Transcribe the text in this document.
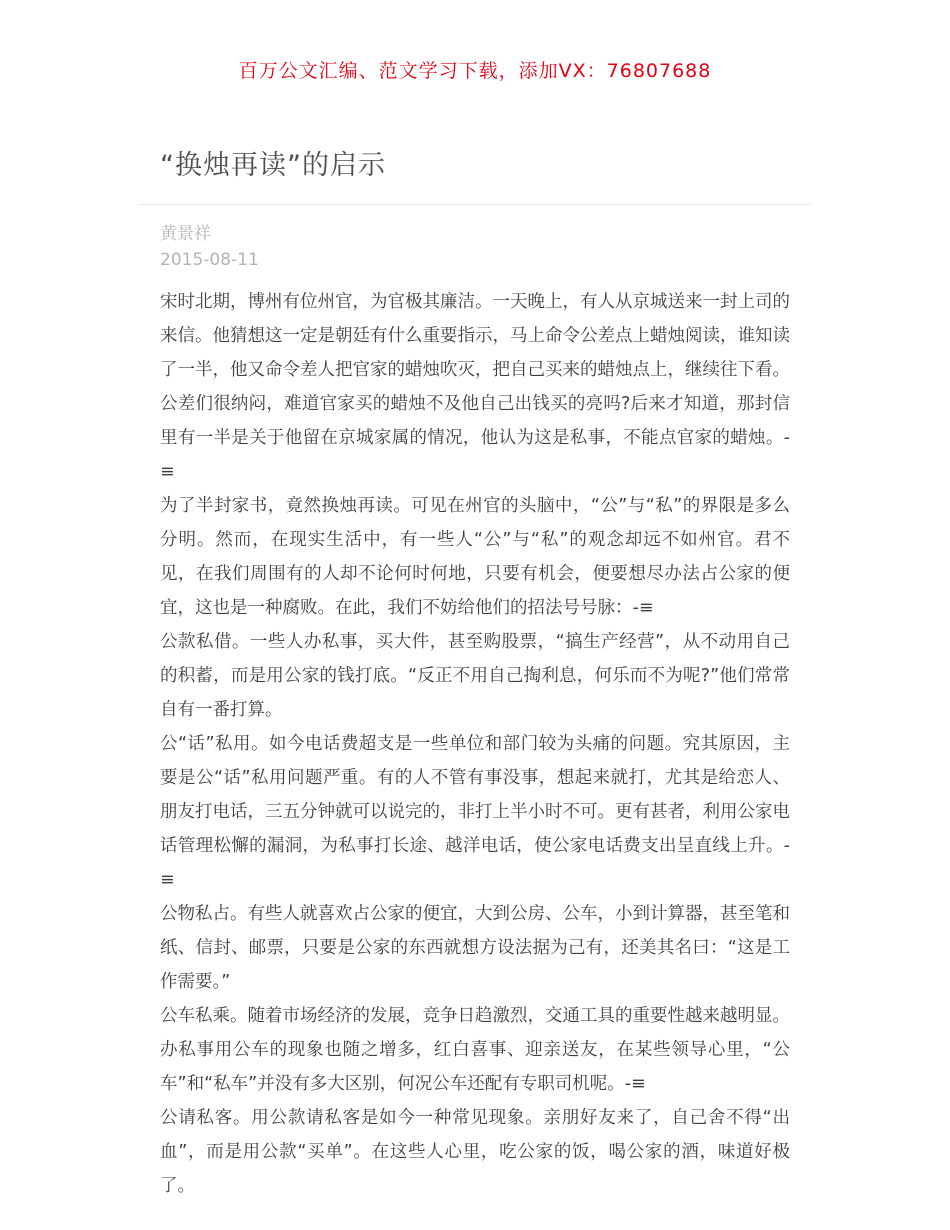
百万公文汇编、范文学习下载，添加VX：76807688
“换烛再读”的启示
黄景祥
2015-08-11

宋时北期，博州有位州官，为官极其廉洁。一天晚上，有人从京城送来一封上司的来信。他猜想这一定是朝廷有什么重要指示，马上命令公差点上蜡烛阅读，谁知读了一半，他又命令差人把官家的蜡烛吹灭，把自己买来的蜡烛点上，继续往下看。公差们很纳闷，难道官家买的蜡烛不及他自己出钱买的亮吗?后来才知道，那封信里有一半是关于他留在京城家属的情况，他认为这是私事，不能点官家的蜡烛。-≡

为了半封家书，竟然换烛再读。可见在州官的头脑中，“公”与“私”的界限是多么分明。然而，在现实生活中，有一些人“公”与“私”的观念却远不如州官。君不见，在我们周围有的人却不论何时何地，只要有机会，便要想尽办法占公家的便宜，这也是一种腐败。在此，我们不妨给他们的招法号号脉：-≡

公款私借。一些人办私事，买大件，甚至购股票，“搞生产经营”，从不动用自己的积蓄，而是用公家的钱打底。“反正不用自己掏利息，何乐而不为呢?”他们常常自有一番打算。

公“话”私用。如今电话费超支是一些单位和部门较为头痛的问题。究其原因，主要是公“话”私用问题严重。有的人不管有事没事，想起来就打，尤其是给恋人、朋友打电话，三五分钟就可以说完的，非打上半小时不可。更有甚者，利用公家电话管理松懈的漏洞，为私事打长途、越洋电话，使公家电话费支出呈直线上升。-≡

公物私占。有些人就喜欢占公家的便宜，大到公房、公车，小到计算器，甚至笔和纸、信封、邮票，只要是公家的东西就想方设法据为己有，还美其名曰：“这是工作需要。”

公车私乘。随着市场经济的发展，竞争日趋激烈，交通工具的重要性越来越明显。办私事用公车的现象也随之增多，红白喜事、迎亲送友，在某些领导心里，“公车”和“私车”并没有多大区别，何况公车还配有专职司机呢。-≡

公请私客。用公款请私客是如今一种常见现象。亲朋好友来了，自己舍不得“出血”，而是用公款“买单”。在这些人心里，吃公家的饭，喝公家的酒，味道好极了。
